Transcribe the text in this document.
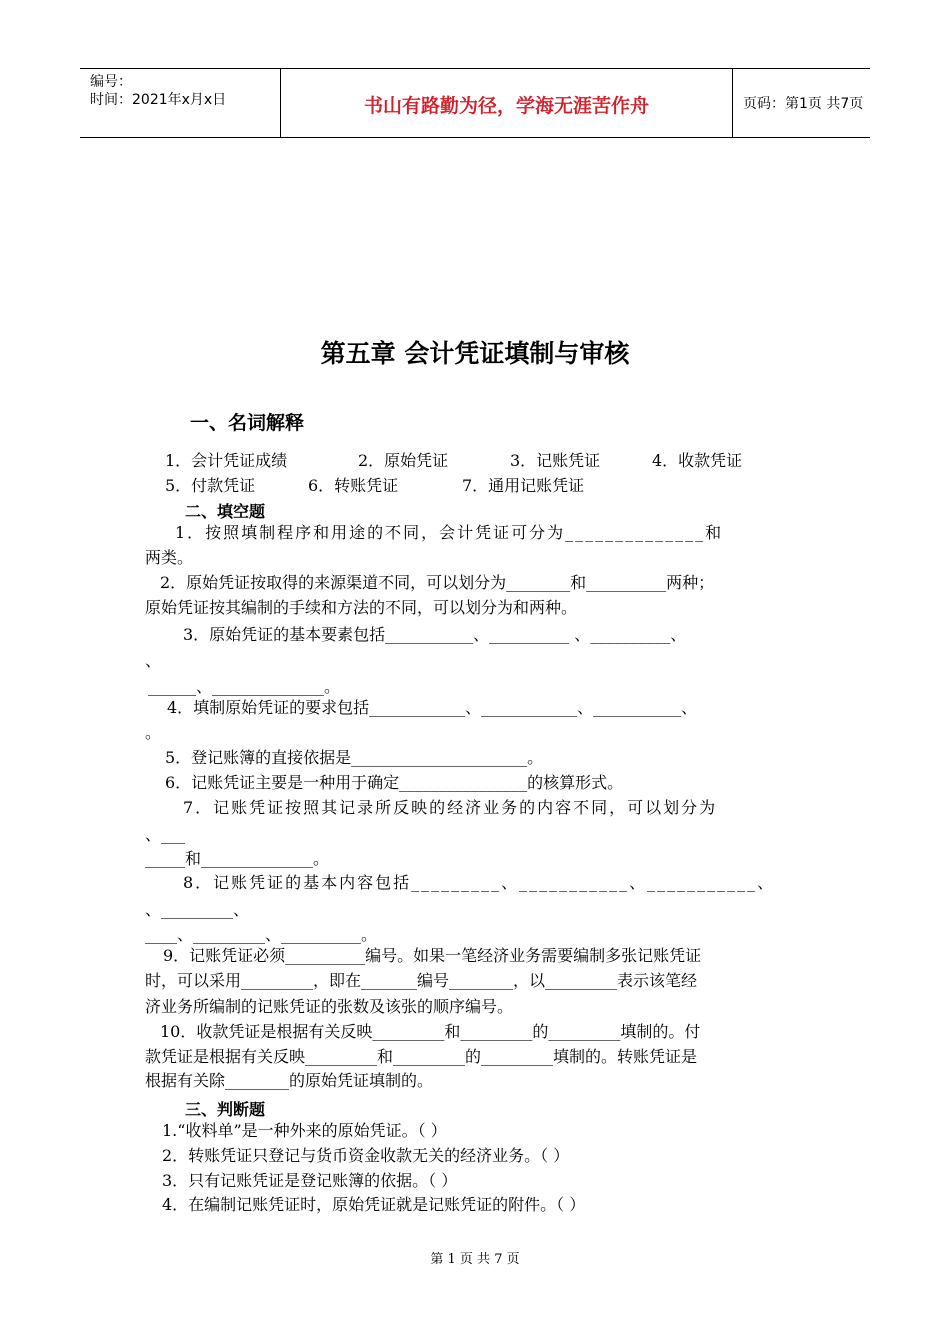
编号：
时间：2021年x月x日	书山有路勤为径，学海无涯苦作舟	页码：第1页 共7页
第五章 会计凭证填制与审核
一、名词解释
1．会计凭证成绩	2．原始凭证	3．记账凭证	4．收款凭证
5．付款凭证	6．转账凭证	7．通用记账凭证
二、填空题
1．按照填制程序和用途的不同，会计凭证可分为______________和
两类。
2．原始凭证按取得的来源渠道不同，可以划分为________和__________两种；
原始凭证按其编制的手续和方法的不同，可以划分为和两种。
3．原始凭证的基本要素包括___________、__________ 、__________、
、
______、______________。
4．填制原始凭证的要求包括____________、____________、___________、
。
5．登记账簿的直接依据是______________________。
6．记账凭证主要是一种用于确定________________的核算形式。
7．记账凭证按照其记录所反映的经济业务的内容不同，可以划分为
、___
_____和______________。
8．记账凭证的基本内容包括_________、___________、___________、
、_________、
____、_________、__________。
9．记账凭证必须__________编号。如果一笔经济业务需要编制多张记账凭证
时，可以采用_________，即在_______编号________，以_________表示该笔经
济业务所编制的记账凭证的张数及该张的顺序编号。
10．收款凭证是根据有关反映_________和_________的_________填制的。付
款凭证是根据有关反映_________和_________的_________填制的。转账凭证是
根据有关除________的原始凭证填制的。
三、判断题
1.“收料单”是一种外来的原始凭证。（ ）
2．转账凭证只登记与货币资金收款无关的经济业务。（ ）
3．只有记账凭证是登记账簿的依据。（ ）
4．在编制记账凭证时，原始凭证就是记账凭证的附件。（ ）
第 1 页 共 7 页
